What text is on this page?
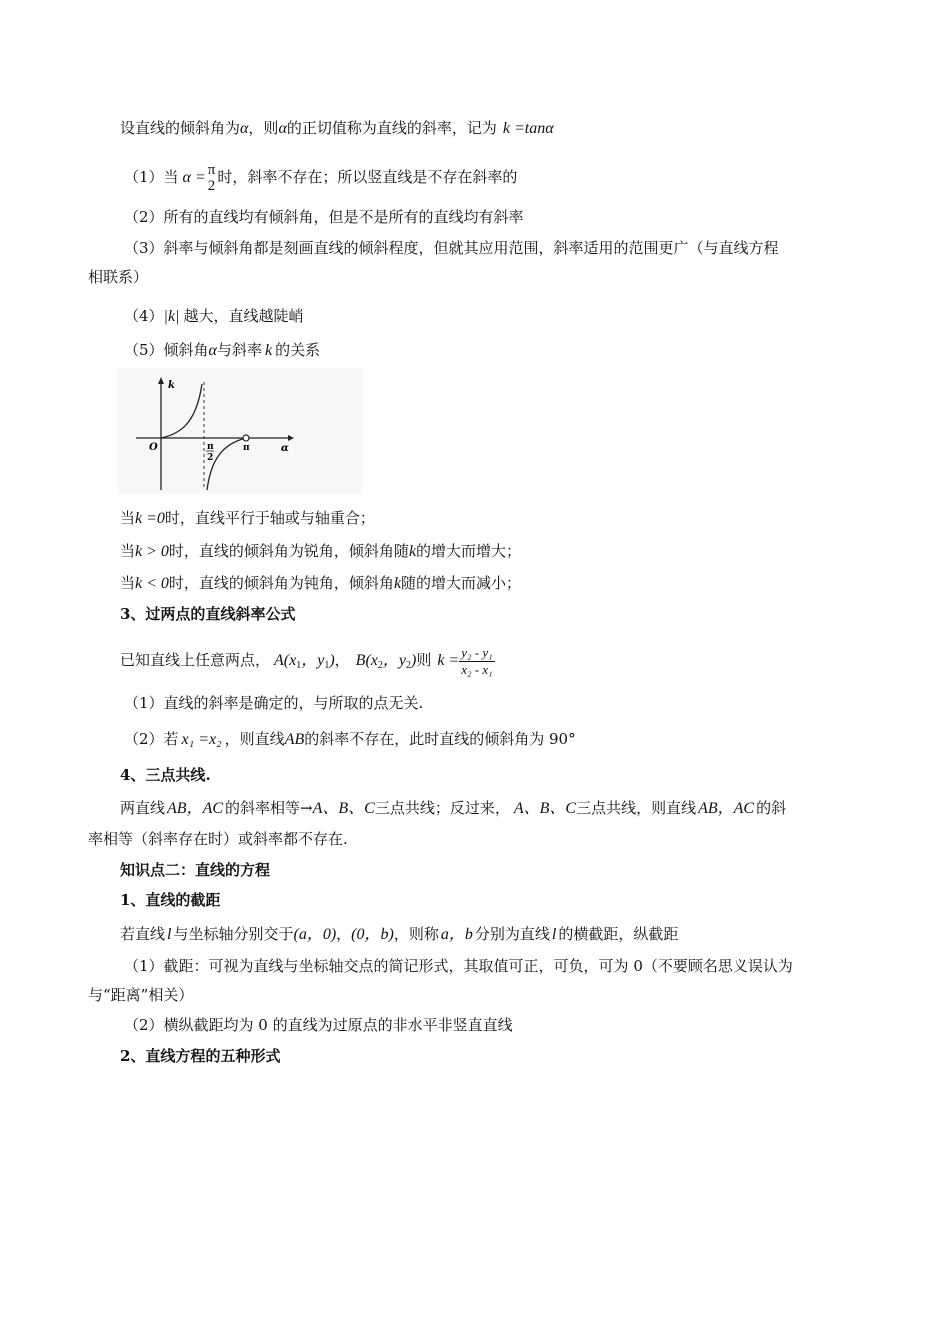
设直线的倾斜角为α，则α的正切值称为直线的斜率，记为 k =tanα
（1）当 α = π
2 时，斜率不存在；所以竖直线是不存在斜率的
（2）所有的直线均有倾斜角，但是不是所有的直线均有斜率
（3）斜率与倾斜角都是刻画直线的倾斜程度，但就其应用范围，斜率适用的范围更广（与直线方程
相联系）
（4）|k| 越大，直线越陡峭
（5）倾斜角α与斜率 k 的关系
k
α
O	π
2
π
当k =0时，直线平行于轴或与轴重合；
当k > 0时，直线的倾斜角为锐角，倾斜角随k的增大而增大；
当k < 0时，直线的倾斜角为钝角，倾斜角k随的增大而减小；
3、过两点的直线斜率公式
已知直线上任意两点， $A(x_1$，$y_1$)， $B(x_2$，$y_2$)则 $k = \frac{\text{y₂ - y₁}}{\text{x₂ - x₁}}$
（1）直线的斜率是确定的，与所取的点无关.
（2）若 x₁ =x₂ ，则直线AB的斜率不存在，此时直线的倾斜角为 90°
4、三点共线.
两直线 AB，AC 的斜率相等→A、B、C三点共线；反过来， A、B、C三点共线，则直线 AB，AC 的斜
率相等（斜率存在时）或斜率都不存在.
知识点二：直线的方程
1、直线的截距
若直线 l 与坐标轴分别交于(a，0)，(0，b)，则称 a，b 分别为直线 l 的横截距，纵截距
（1）截距：可视为直线与坐标轴交点的简记形式，其取值可正，可负，可为 0（不要顾名思义误认为
与“距离”相关）
（2）横纵截距均为 0 的直线为过原点的非水平非竖直直线
2、直线方程的五种形式
